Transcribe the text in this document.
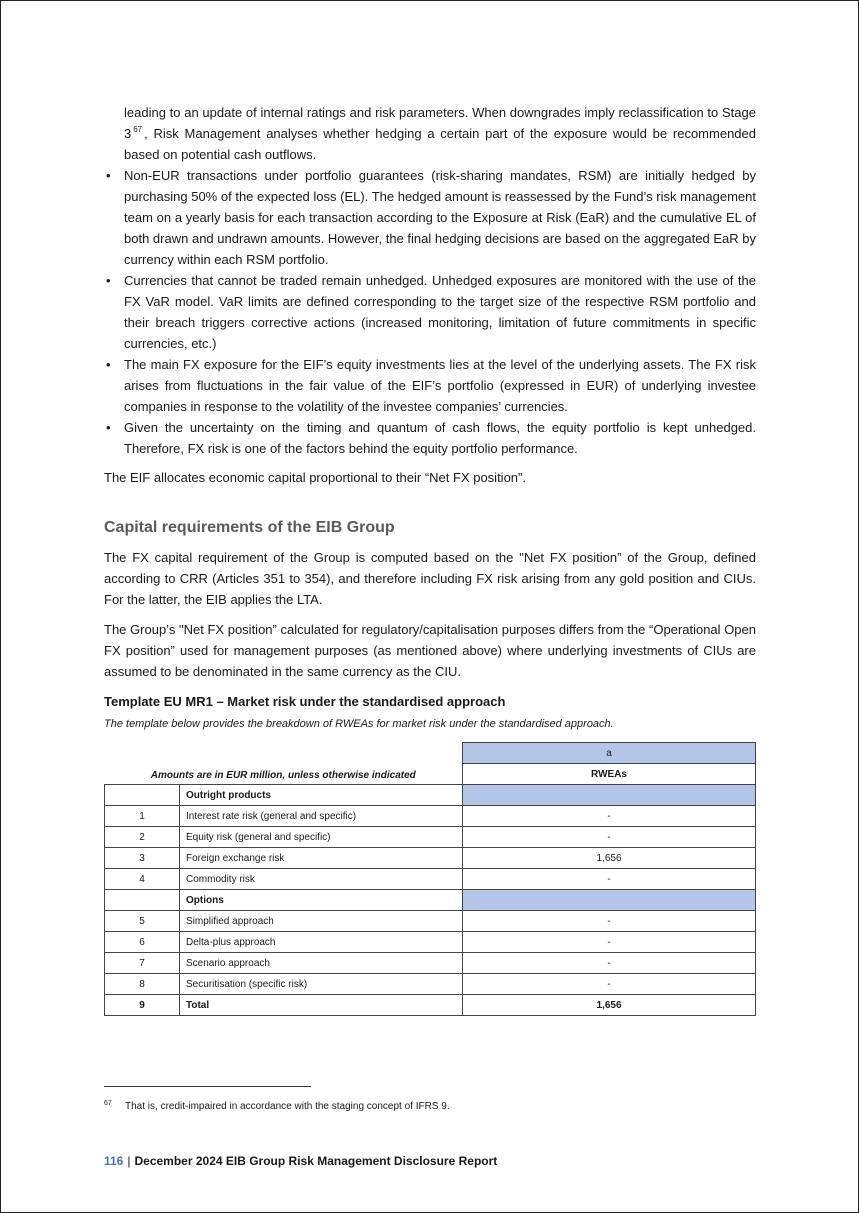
leading to an update of internal ratings and risk parameters. When downgrades imply reclassification to Stage 3 $^{67}$ , Risk Management analyses whether hedging a certain part of the exposure would be recommended based on potential cash outflows.

• Non-EUR transactions under portfolio guarantees (risk-sharing mandates, RSM) are initially hedged by purchasing 50% of the expected loss (EL). The hedged amount is reassessed by the Fund’s risk management team on a yearly basis for each transaction according to the Exposure at Risk (EaR) and the cumulative EL of both drawn and undrawn amounts. However, the final hedging decisions are based on the aggregated EaR by currency within each RSM portfolio.
• Currencies that cannot be traded remain unhedged. Unhedged exposures are monitored with the use of the FX VaR model. VaR limits are defined corresponding to the target size of the respective RSM portfolio and their breach triggers corrective actions (increased monitoring, limitation of future commitments in specific currencies, etc.)
• The main FX exposure for the EIF’s equity investments lies at the level of the underlying assets. The FX risk arises from fluctuations in the fair value of the EIF’s portfolio (expressed in EUR) of underlying investee companies in response to the volatility of the investee companies’ currencies.
• Given the uncertainty on the timing and quantum of cash flows, the equity portfolio is kept unhedged. Therefore, FX risk is one of the factors behind the equity portfolio performance.

The EIF allocates economic capital proportional to their “Net FX position”.

Capital requirements of the EIB Group

The FX capital requirement of the Group is computed based on the "Net FX position” of the Group, defined according to CRR (Articles 351 to 354), and therefore including FX risk arising from any gold position and CIUs. For the latter, the EIB applies the LTA.

The Group’s "Net FX position” calculated for regulatory/capitalisation purposes differs from the “Operational Open FX position” used for management purposes (as mentioned above) where underlying investments of CIUs are assumed to be denominated in the same currency as the CIU.

Template EU MR1 – Market risk under the standardised approach
The template below provides the breakdown of RWEAs for market risk under the standardised approach.
Amounts are in EUR million, unless otherwise indicated		a
		RWEAs
	Outright products	
1	Interest rate risk (general and specific)	-
2	Equity risk (general and specific)	-
3	Foreign exchange risk	1,656
4	Commodity risk	-
	Options	
5	Simplified approach	-
6	Delta-plus approach	-
7	Scenario approach	-
8	Securitisation (specific risk)	-
9	Total	1,656
67 That is, credit-impaired in accordance with the staging concept of IFRS 9.
116 | December 2024 EIB Group Risk Management Disclosure Report
